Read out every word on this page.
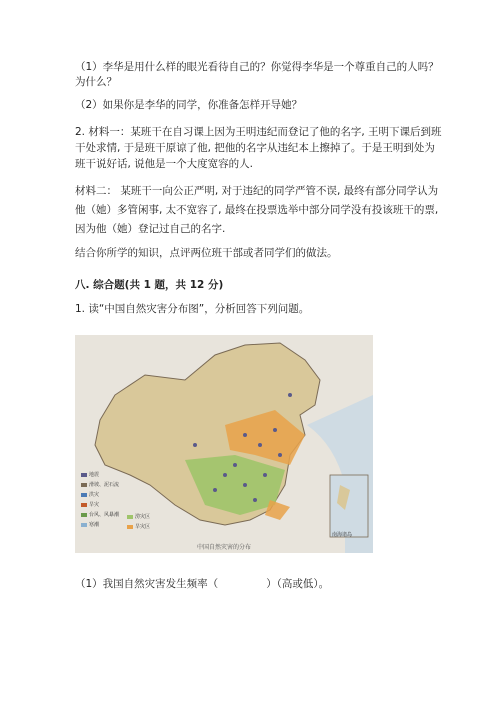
（1）李华是用什么样的眼光看待自己的？你觉得李华是一个尊重自己的人吗？
为什么？
（2）如果你是李华的同学，你准备怎样开导她？
2. 材料一：某班干在自习课上因为王明违纪而登记了他的名字, 王明下课后到班
干处求情, 于是班干原谅了他, 把他的名字从违纪本上擦掉了。于是王明到处为
班干说好话, 说他是一个大度宽容的人.
材料二： 某班干一向公正严明, 对于违纪的同学严管不误, 最终有部分同学认为
他（她）多管闲事, 太不宽容了, 最终在投票选举中部分同学没有投该班干的票,
因为他（她）登记过自己的名字.
结合你所学的知识，点评两位班干部或者同学们的做法。
八. 综合题(共 1 题，共 12 分)
1. 读“中国自然灾害分布图”，分析回答下列问题。
地震
滑坡、泥石流
洪灾
旱灾
台风、风暴潮
寒潮
涝灾区
旱灾区
南海诸岛
中国自然灾害的分布
（1）我国自然灾害发生频率（	）（高或低）。
